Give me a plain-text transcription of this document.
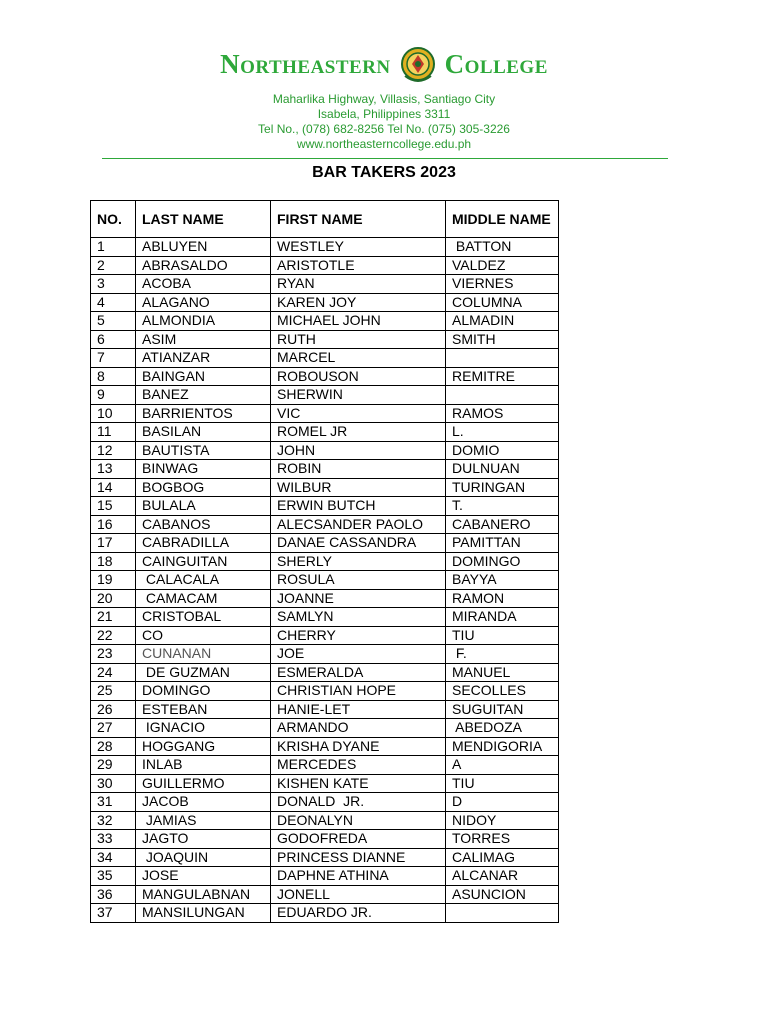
Northeastern College
Maharlika Highway, Villasis, Santiago City
Isabela, Philippines 3311
Tel No., (078) 682-8256 Tel No. (075) 305-3226
www.northeasterncollege.edu.ph
BAR TAKERS 2023
NO.	LAST NAME	FIRST NAME	MIDDLE NAME
1	ABLUYEN	WESTLEY	BATTON
2	ABRASALDO	ARISTOTLE	VALDEZ
3	ACOBA	RYAN	VIERNES
4	ALAGANO	KAREN JOY	COLUMNA
5	ALMONDIA	MICHAEL JOHN	ALMADIN
6	ASIM	RUTH	SMITH
7	ATIANZAR	MARCEL	
8	BAINGAN	ROBOUSON	REMITRE
9	BANEZ	SHERWIN	
10	BARRIENTOS	VIC	RAMOS
11	BASILAN	ROMEL JR	L.
12	BAUTISTA	JOHN	DOMIO
13	BINWAG	ROBIN	DULNUAN
14	BOGBOG	WILBUR	TURINGAN
15	BULALA	ERWIN BUTCH	T.
16	CABANOS	ALECSANDER PAOLO	CABANERO
17	CABRADILLA	DANAE CASSANDRA	PAMITTAN
18	CAINGUITAN	SHERLY	DOMINGO
19	CALACALA	ROSULA	BAYYA
20	CAMACAM	JOANNE	RAMON
21	CRISTOBAL	SAMLYN	MIRANDA
22	CO	CHERRY	TIU
23	CUNANAN	JOE	F.
24	DE GUZMAN	ESMERALDA	MANUEL
25	DOMINGO	CHRISTIAN HOPE	SECOLLES
26	ESTEBAN	HANIE-LET	SUGUITAN
27	IGNACIO	ARMANDO	ABEDOZA
28	HOGGANG	KRISHA DYANE	MENDIGORIA
29	INLAB	MERCEDES	A
30	GUILLERMO	KISHEN KATE	TIU
31	JACOB	DONALD  JR.	D
32	JAMIAS	DEONALYN	NIDOY
33	JAGTO	GODOFREDA	TORRES
34	JOAQUIN	PRINCESS DIANNE	CALIMAG
35	JOSE	DAPHNE ATHINA	ALCANAR
36	MANGULABNAN	JONELL	ASUNCION
37	MANSILUNGAN	EDUARDO JR.	
